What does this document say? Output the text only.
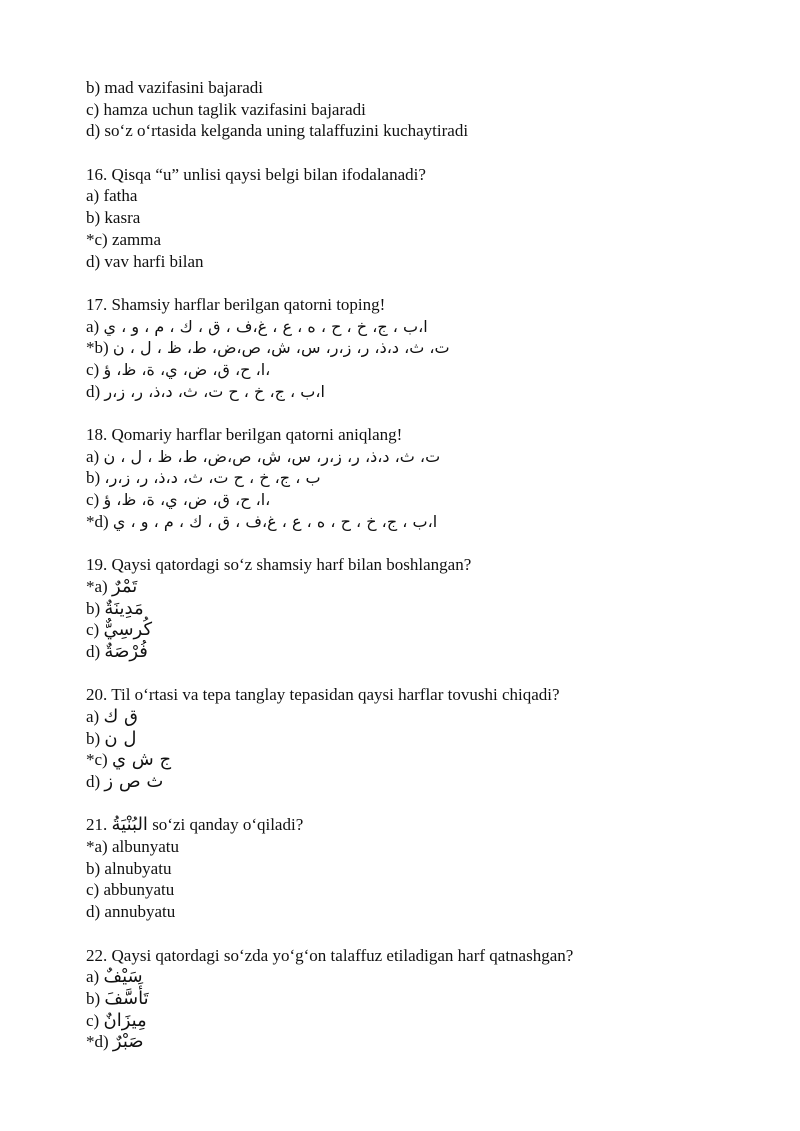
b) mad vazifasini bajaradi
c) hamza uchun taglik vazifasini bajaradi
d) so‘z o‘rtasida kelganda uning talaffuzini kuchaytiradi
16. Qisqa “u” unlisi qaysi belgi bilan ifodalanadi?
a) fatha
b) kasra
*c) zamma
d) vav harfi bilan
17. Shamsiy harflar berilgan qatorni toping!
a) ا،ب ، ج، خ ، ح ، ه ، ع ، غ،ف ، ق ، ك ، م ، و ، ي
*b) ت، ث، د،ذ، ر، ز،ر، س، ش، ص،ض، ط، ظ ، ل ، ن
c) ،ا، ح، ق، ض، ي، ة، ظ، ؤ
d) ا،ب ، ج، خ ، ح ت، ث، د،ذ، ر، ز،ر
18. Qomariy harflar berilgan qatorni aniqlang!
a) ت، ث، د،ذ، ر، ز،ر، س، ش، ص،ض، ط، ظ ، ل ، ن
b) ب ، ج، خ ، ح ت، ث، د،ذ، ر، ز،ر،
c) ،ا، ح، ق، ض، ي، ة، ظ، ؤ
*d) ا،ب ، ج، خ ، ح ، ه ، ع ، غ،ف ، ق ، ك ، م ، و ، ي
19. Qaysi qatordagi so‘z shamsiy harf bilan boshlangan?
*a) تَمْرٌ
b) مَدِينَةٌ
c) كُرسِيٌّ
d) فُرْصَةٌ
20. Til o‘rtasi va tepa tanglay tepasidan qaysi harflar tovushi chiqadi?
a) ق ك
b) ل ن
*c) ج ش ي
d) ث ص ز
21. البُنْيَةُ so‘zi qanday o‘qiladi?
*a) albunyatu
b) alnubyatu
c) abbunyatu
d) annubyatu
22. Qaysi qatordagi so‘zda yo‘g‘on talaffuz etiladigan harf qatnashgan?
a) سَيْفٌ
b) تَأَسَّفَ
c) مِيزَانٌ
*d) صَبْرٌ
